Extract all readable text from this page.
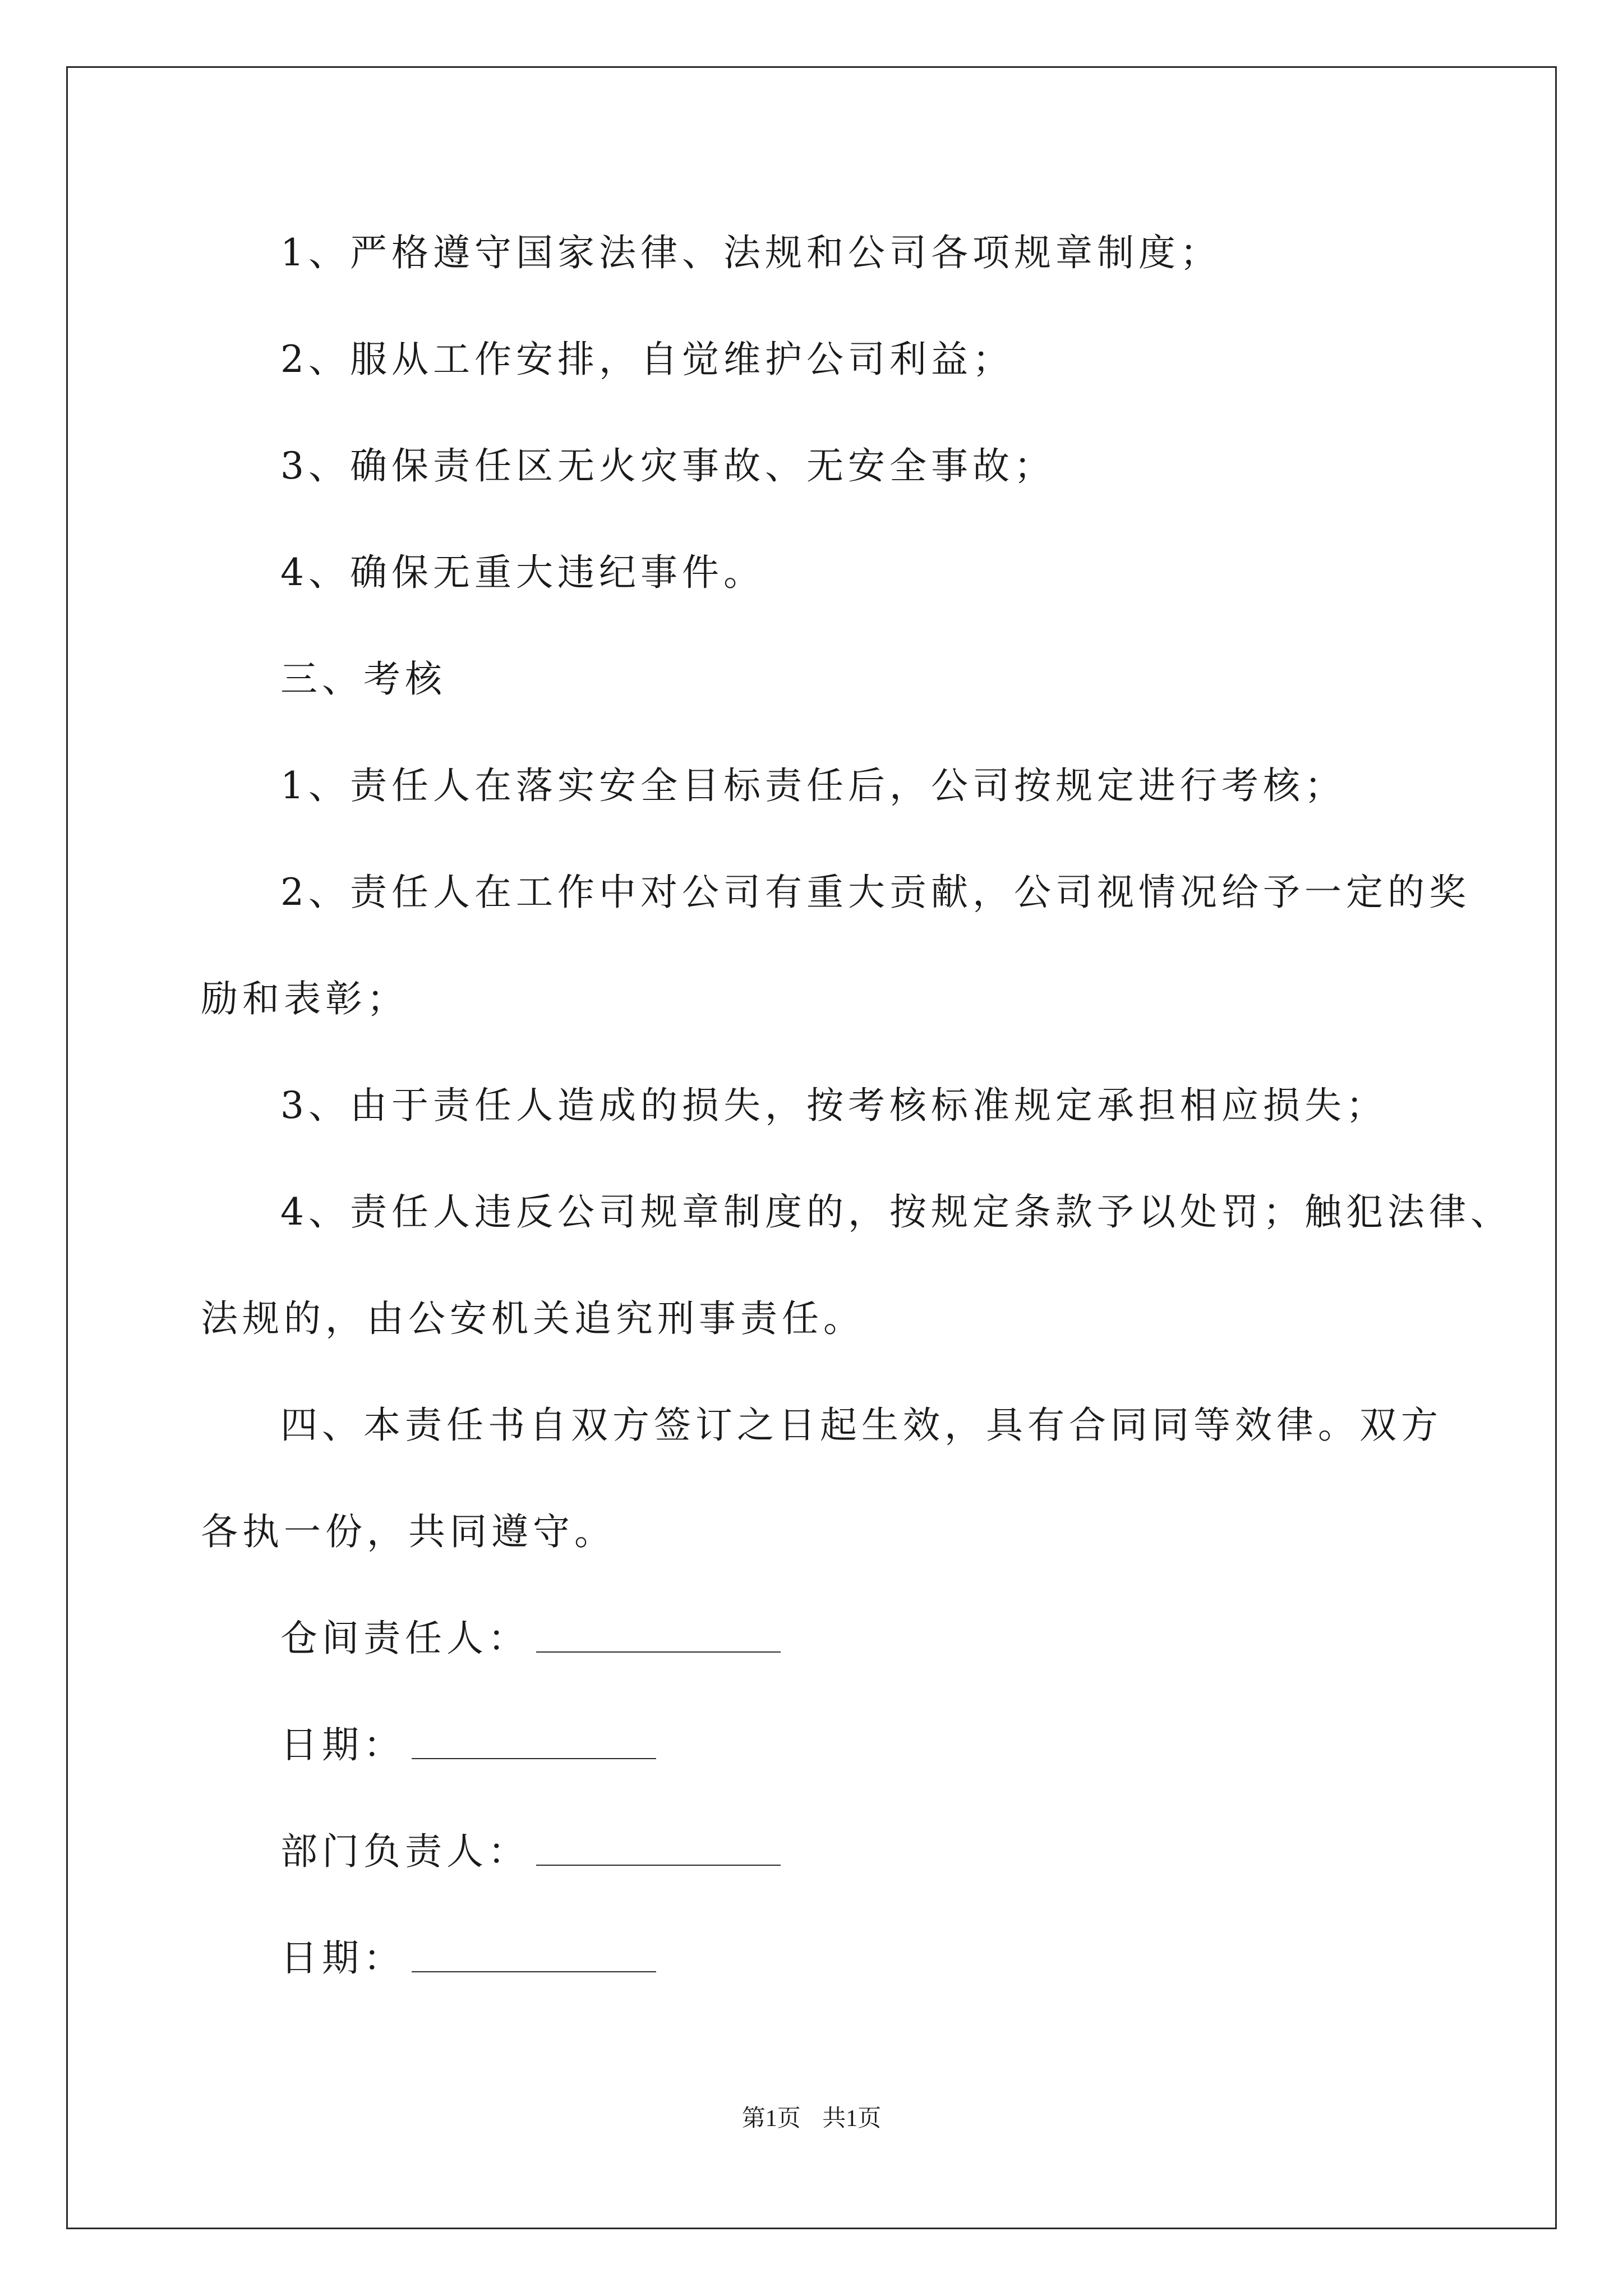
1、严格遵守国家法律、法规和公司各项规章制度；
2、服从工作安排，自觉维护公司利益；
3、确保责任区无火灾事故、无安全事故；
4、确保无重大违纪事件。
三、考核
1、责任人在落实安全目标责任后，公司按规定进行考核；
2、责任人在工作中对公司有重大贡献，公司视情况给予一定的奖
励和表彰；
3、由于责任人造成的损失，按考核标准规定承担相应损失；
4、责任人违反公司规章制度的，按规定条款予以处罚；触犯法律、
法规的，由公安机关追究刑事责任。
四、本责任书自双方签订之日起生效，具有合同同等效律。双方
各执一份，共同遵守。
仓间责任人：
日期：
部门负责人：
日期：
第1页 共1页
